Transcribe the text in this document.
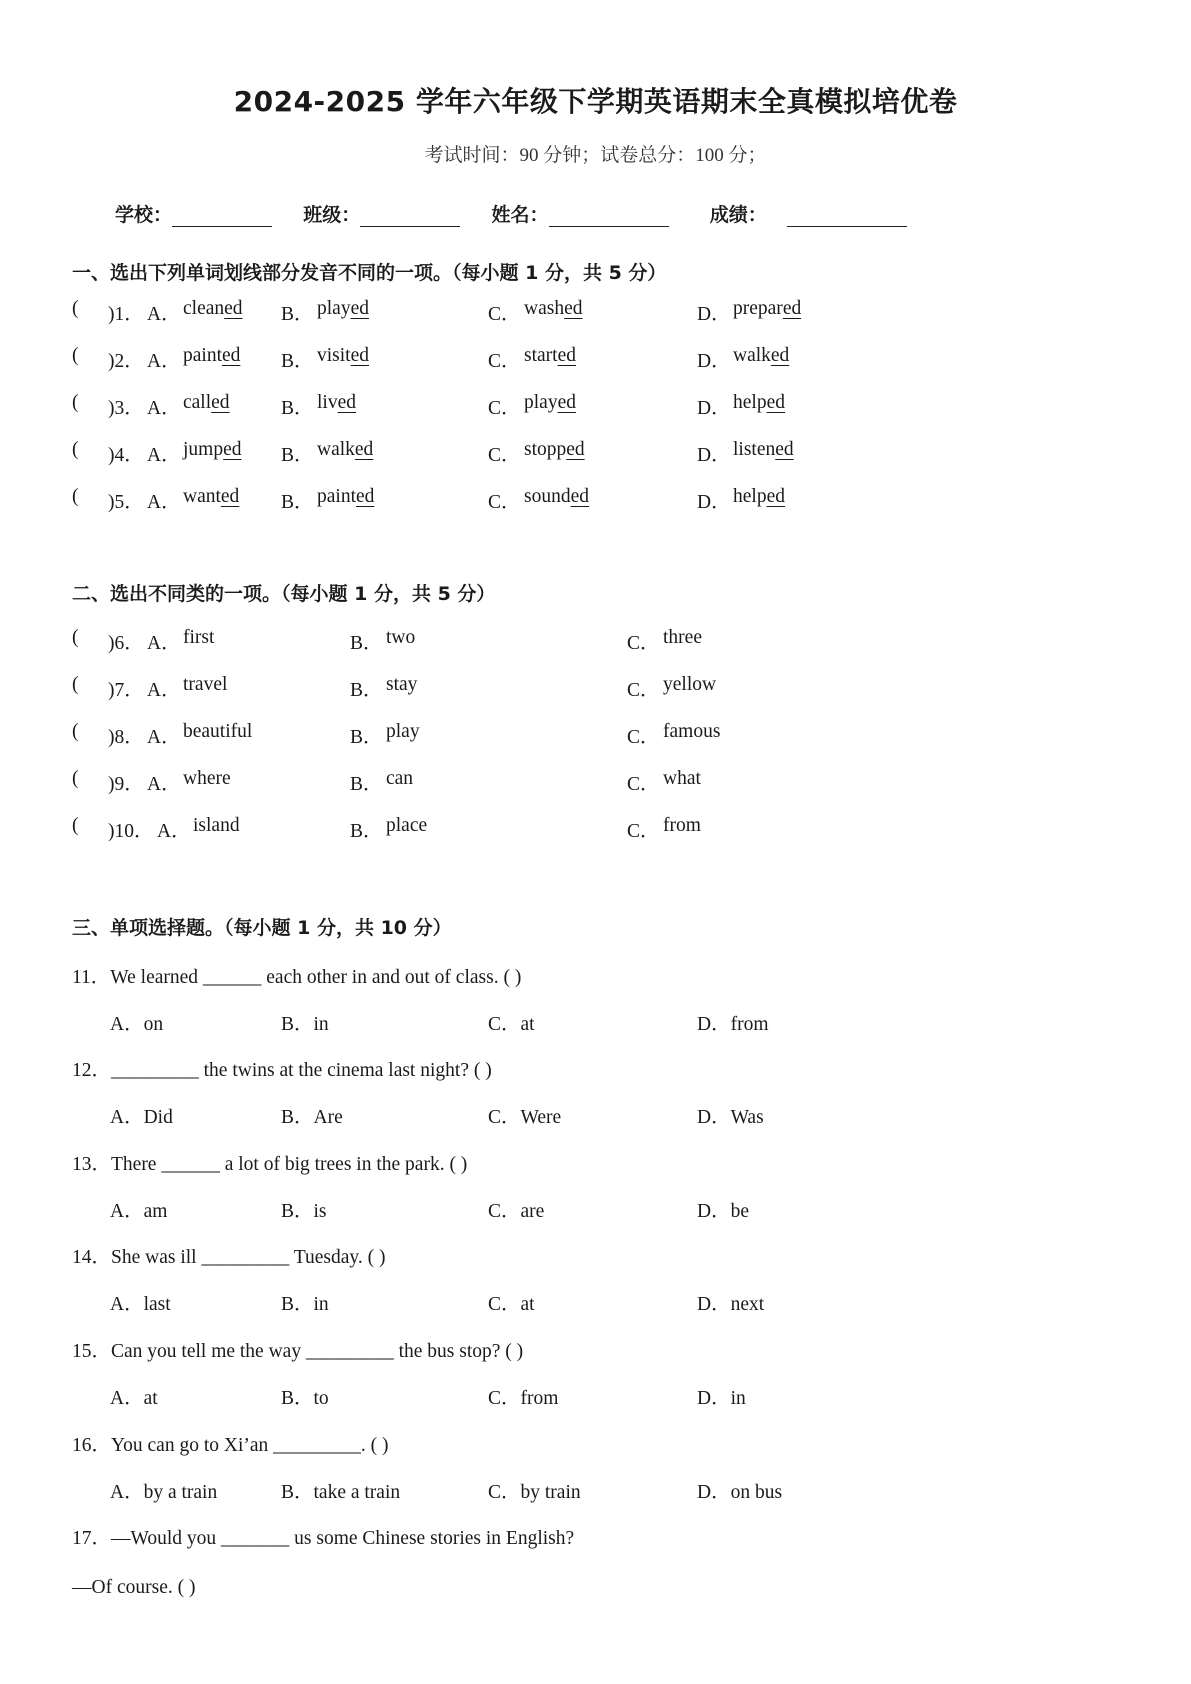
2024-2025 学年六年级下学期英语期末全真模拟培优卷
考试时间：90 分钟；试卷总分：100 分；
学校：	班级：	姓名：	成绩：
一、选出下列单词划线部分发音不同的一项。（每小题 1 分，共 5 分）
( )1． A． cleaned B． played	C． washed	D． prepared
( )2． A． painted B． visited	C． started	D． walked
( )3． A． called	B． lived	C． played	D． helped
( )4． A． jumped B． walked	C． stopped	D． listened
( )5． A． wanted B． painted	C． sounded	D． helped
二、选出不同类的一项。（每小题 1 分，共 5 分）
( )6． A． first	B． two	C． three
( )7． A． travel	B． stay	C． yellow
( )8． A． beautiful	B． play	C． famous
( )9． A． where	B． can	C． what
( )10． A． island	B． place	C． from
三、单项选择题。（每小题 1 分，共 10 分）
11．We learned ______ each other in and out of class. ( )
A．on	B．in	C．at	D．from
12．_________ the twins at the cinema last night? ( )
A．Did	B．Are	C．Were	D．Was
13．There ______ a lot of big trees in the park. ( )
A．am	B．is	C．are	D．be
14．She was ill _________ Tuesday. ( )
A．last	B．in	C．at	D．next
15．Can you tell me the way _________ the bus stop? ( )
A．at	B．to	C．from	D．in
16．You can go to Xi’an _________. ( )
A．by a train	B．take a train	C．by train	D．on bus
17．—Would you _______ us some Chinese stories in English?
—Of course. ( )
